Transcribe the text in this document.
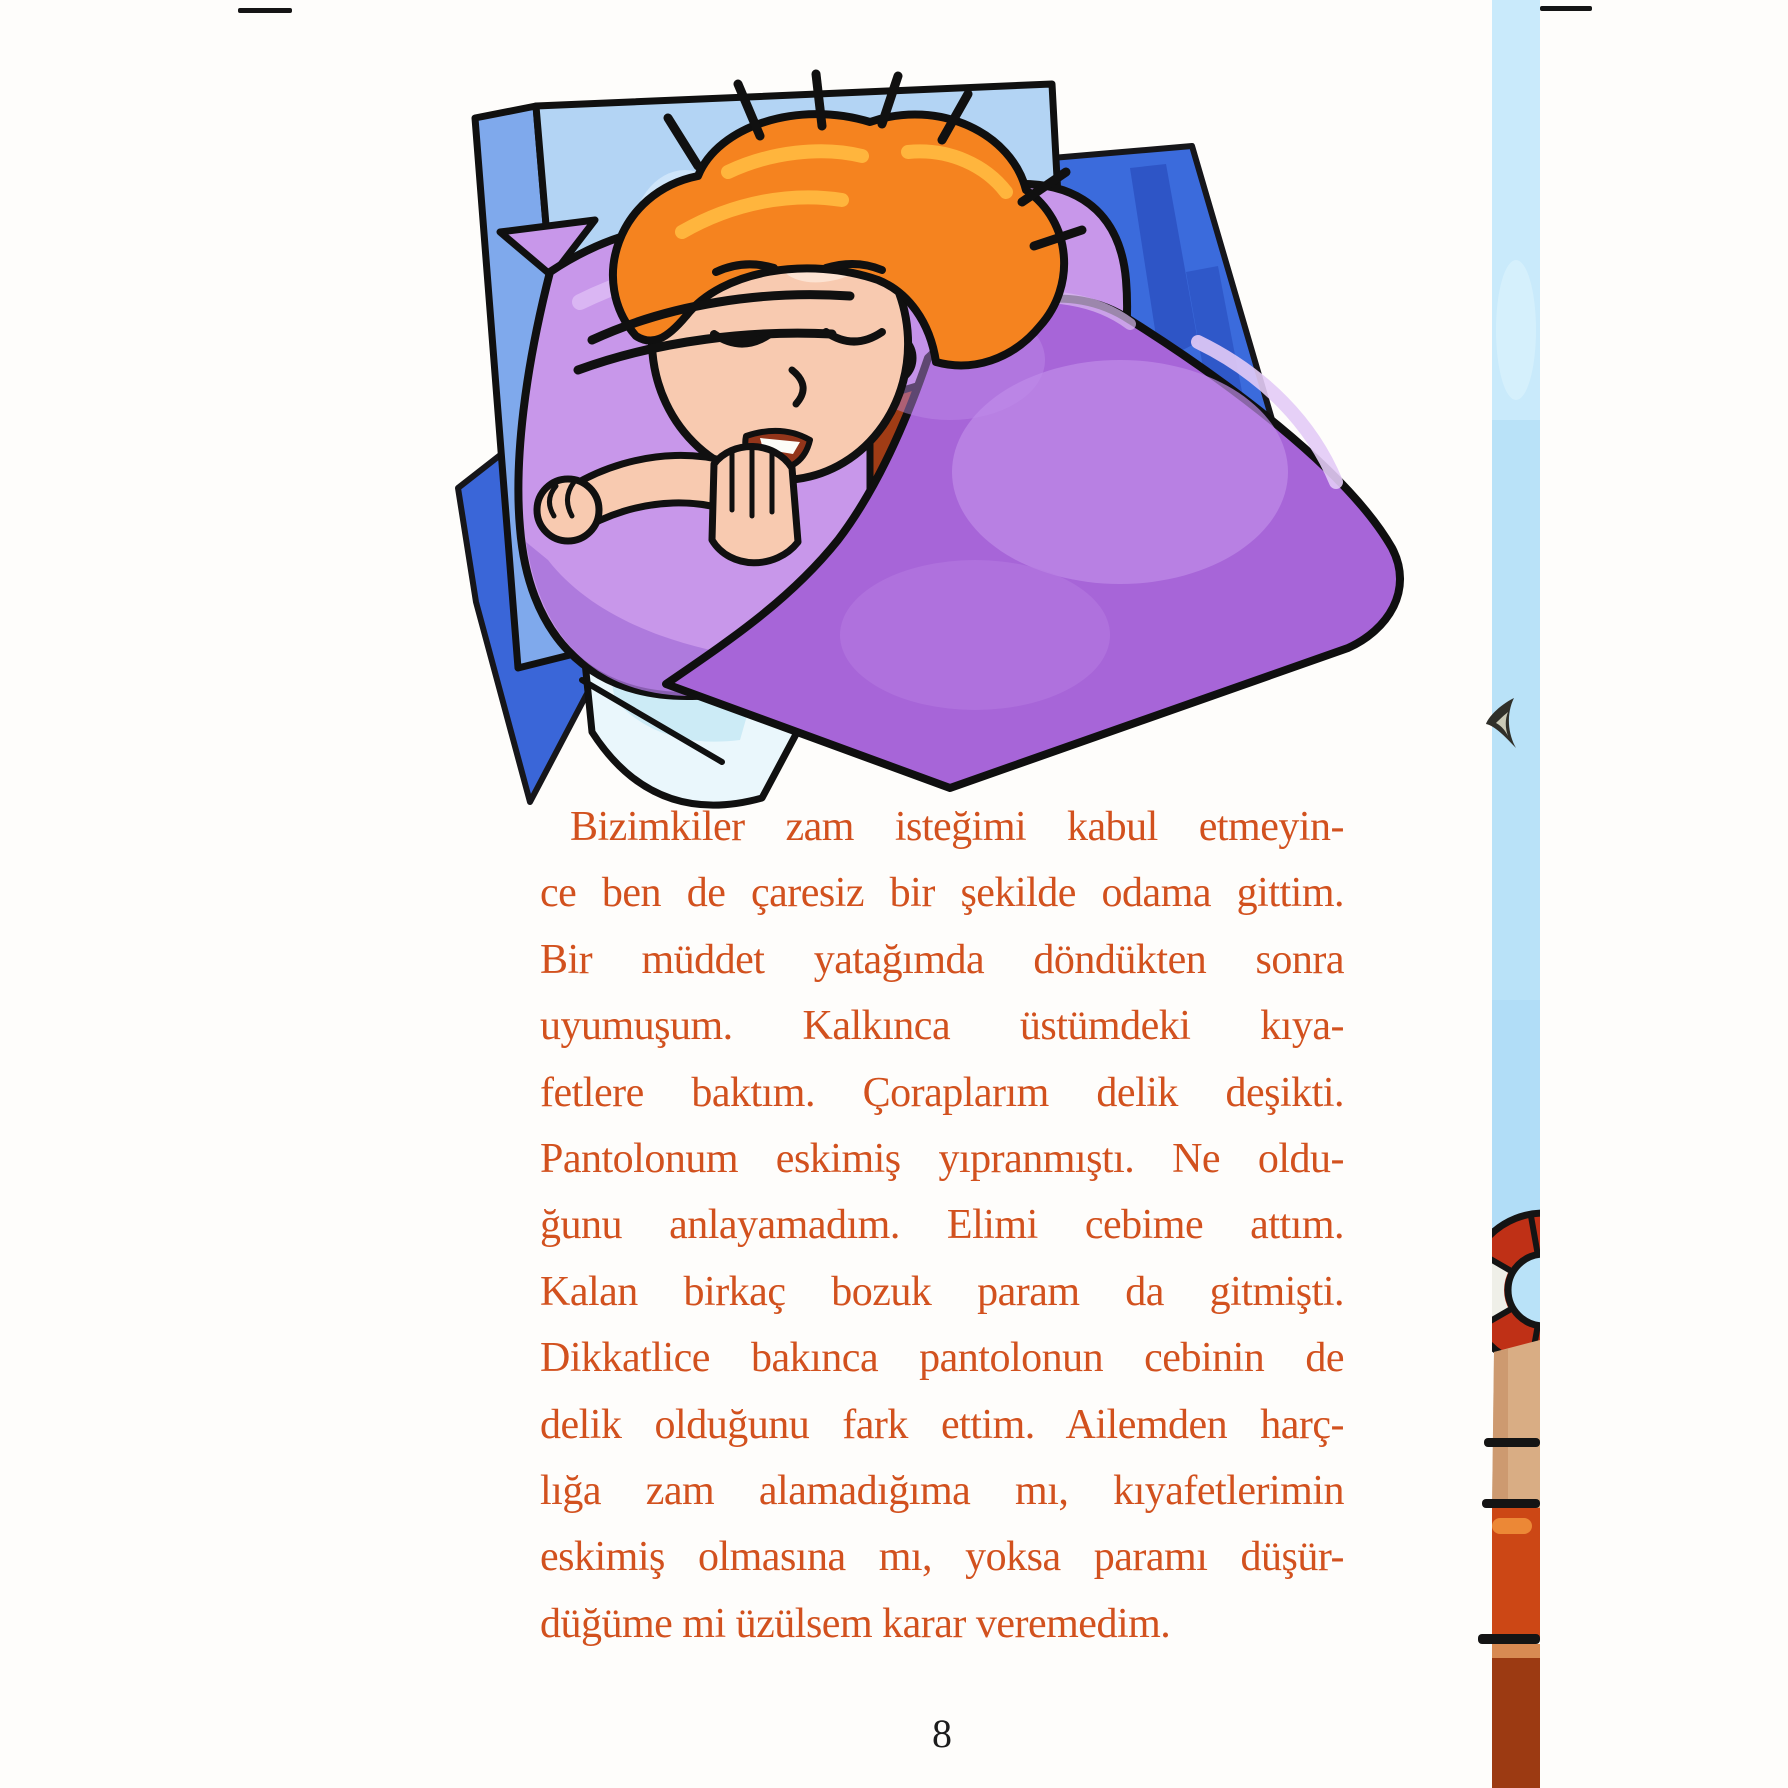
Bizimkiler zam isteğimi kabul etmeyin-
ce ben de çaresiz bir şekilde odama gittim.
Bir müddet yatağımda döndükten sonra
uyumuşum. Kalkınca üstümdeki kıya-
fetlere baktım. Çoraplarım delik deşikti.
Pantolonum eskimiş yıpranmıştı. Ne oldu-
ğunu anlayamadım. Elimi cebime attım.
Kalan birkaç bozuk param da gitmişti.
Dikkatlice bakınca pantolonun cebinin de
delik olduğunu fark ettim. Ailemden harç-
lığa zam alamadığıma mı, kıyafetlerimin
eskimiş olmasına mı, yoksa paramı düşür-
düğüme mi üzülsem karar veremedim.
8
